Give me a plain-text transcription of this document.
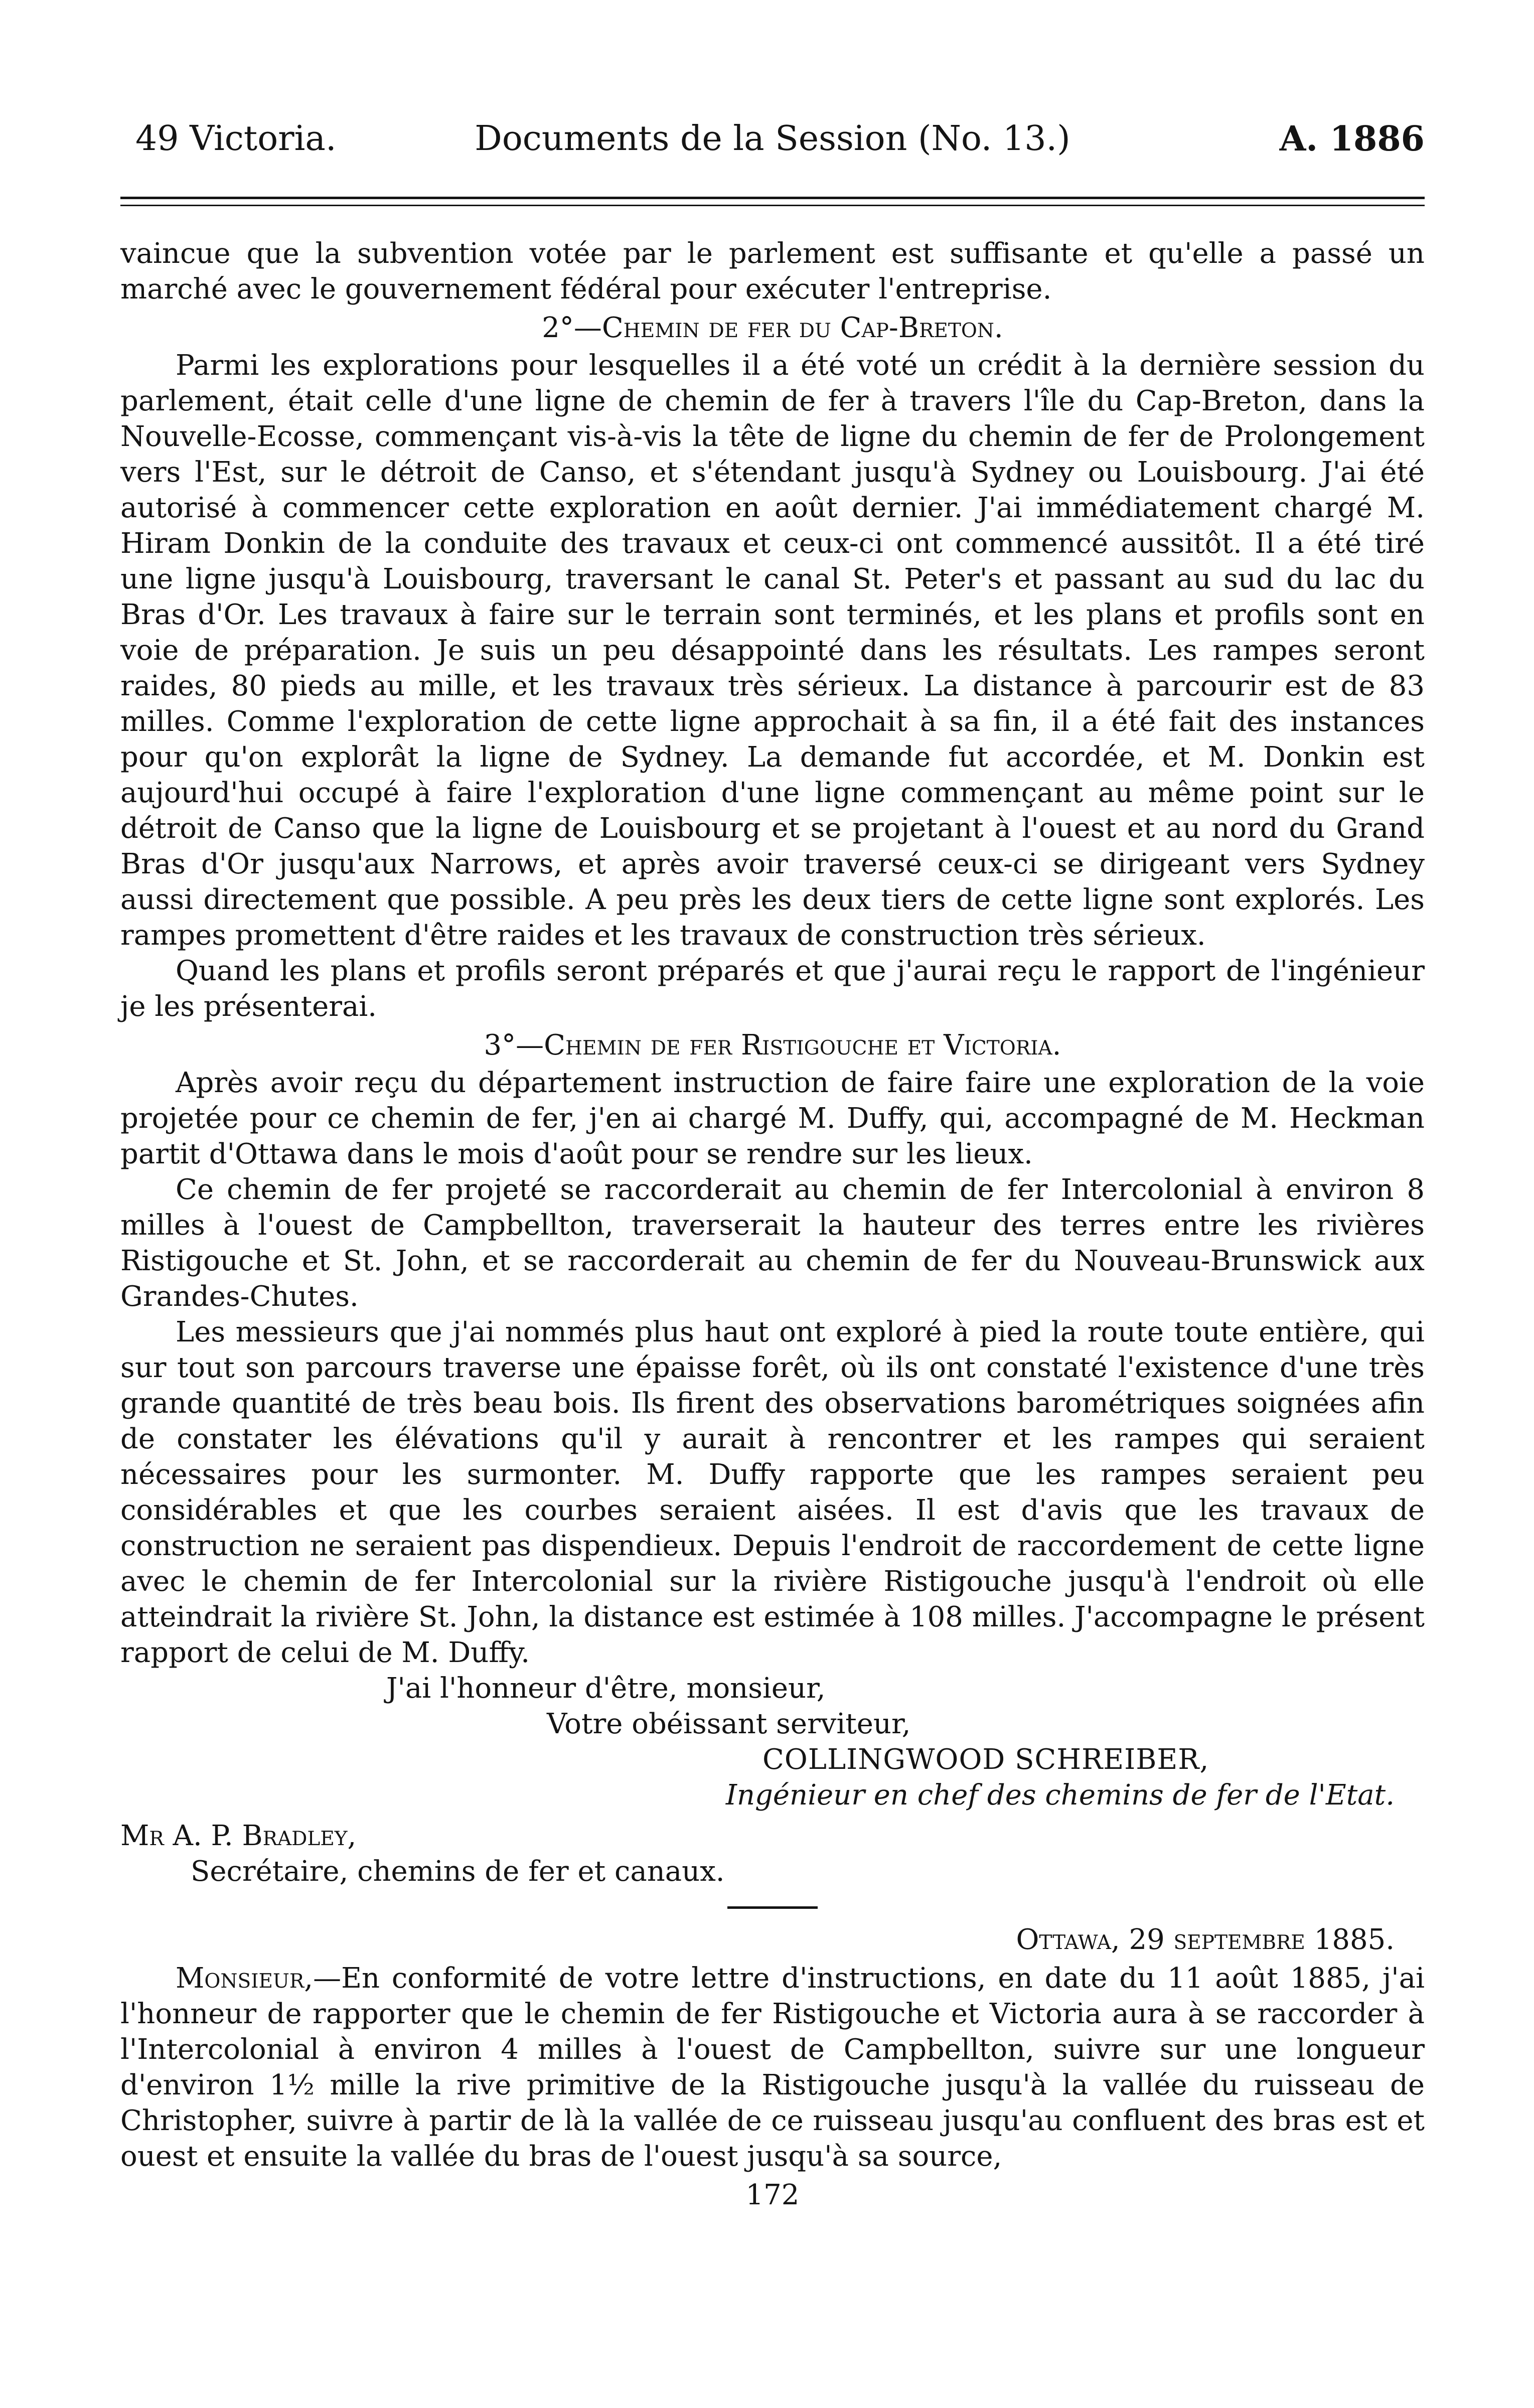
49 Victoria.	Documents de la Session (No. 13.)	A. 1886

vaincue que la subvention votée par le parlement est suffisante et qu'elle a passé un marché avec le gouvernement fédéral pour exécuter l'entreprise.

2°—Chemin de fer du Cap-Breton.

Parmi les explorations pour lesquelles il a été voté un crédit à la dernière session du parlement, était celle d'une ligne de chemin de fer à travers l'île du Cap-Breton, dans la Nouvelle-Ecosse, commençant vis-à-vis la tête de ligne du chemin de fer de Prolongement vers l'Est, sur le détroit de Canso, et s'étendant jusqu'à Sydney ou Louisbourg. J'ai été autorisé à commencer cette exploration en août dernier. J'ai immédiatement chargé M. Hiram Donkin de la conduite des travaux et ceux-ci ont commencé aussitôt. Il a été tiré une ligne jusqu'à Louisbourg, traversant le canal St. Peter's et passant au sud du lac du Bras d'Or. Les travaux à faire sur le terrain sont terminés, et les plans et profils sont en voie de préparation. Je suis un peu désappointé dans les résultats. Les rampes seront raides, 80 pieds au mille, et les travaux très sérieux. La distance à parcourir est de 83 milles. Comme l'exploration de cette ligne approchait à sa fin, il a été fait des instances pour qu'on explorât la ligne de Sydney. La demande fut accordée, et M. Donkin est aujourd'hui occupé à faire l'exploration d'une ligne commençant au même point sur le détroit de Canso que la ligne de Louisbourg et se projetant à l'ouest et au nord du Grand Bras d'Or jusqu'aux Narrows, et après avoir traversé ceux-ci se dirigeant vers Sydney aussi directement que possible. A peu près les deux tiers de cette ligne sont explorés. Les rampes promettent d'être raides et les travaux de construction très sérieux.

Quand les plans et profils seront préparés et que j'aurai reçu le rapport de l'ingénieur je les présenterai.

3°—Chemin de fer Ristigouche et Victoria.

Après avoir reçu du département instruction de faire faire une exploration de la voie projetée pour ce chemin de fer, j'en ai chargé M. Duffy, qui, accompagné de M. Heckman partit d'Ottawa dans le mois d'août pour se rendre sur les lieux.

Ce chemin de fer projeté se raccorderait au chemin de fer Intercolonial à environ 8 milles à l'ouest de Campbellton, traverserait la hauteur des terres entre les rivières Ristigouche et St. John, et se raccorderait au chemin de fer du Nouveau-Brunswick aux Grandes-Chutes.

Les messieurs que j'ai nommés plus haut ont exploré à pied la route toute entière, qui sur tout son parcours traverse une épaisse forêt, où ils ont constaté l'existence d'une très grande quantité de très beau bois. Ils firent des observations barométriques soignées afin de constater les élévations qu'il y aurait à rencontrer et les rampes qui seraient nécessaires pour les surmonter. M. Duffy rapporte que les rampes seraient peu considérables et que les courbes seraient aisées. Il est d'avis que les travaux de construction ne seraient pas dispendieux. Depuis l'endroit de raccordement de cette ligne avec le chemin de fer Intercolonial sur la rivière Ristigouche jusqu'à l'endroit où elle atteindrait la rivière St. John, la distance est estimée à 108 milles. J'accompagne le présent rapport de celui de M. Duffy.

J'ai l'honneur d'être, monsieur,
Votre obéissant serviteur,
COLLINGWOOD SCHREIBER,
Ingénieur en chef des chemins de fer de l'Etat.
Mr A. P. Bradley,
Secrétaire, chemins de fer et canaux.
Ottawa, 29 septembre 1885.

Monsieur,—En conformité de votre lettre d'instructions, en date du 11 août 1885, j'ai l'honneur de rapporter que le chemin de fer Ristigouche et Victoria aura à se raccorder à l'Intercolonial à environ 4 milles à l'ouest de Campbellton, suivre sur une longueur d'environ 1½ mille la rive primitive de la Ristigouche jusqu'à la vallée du ruisseau de Christopher, suivre à partir de là la vallée de ce ruisseau jusqu'au confluent des bras est et ouest et ensuite la vallée du bras de l'ouest jusqu'à sa source,

172
